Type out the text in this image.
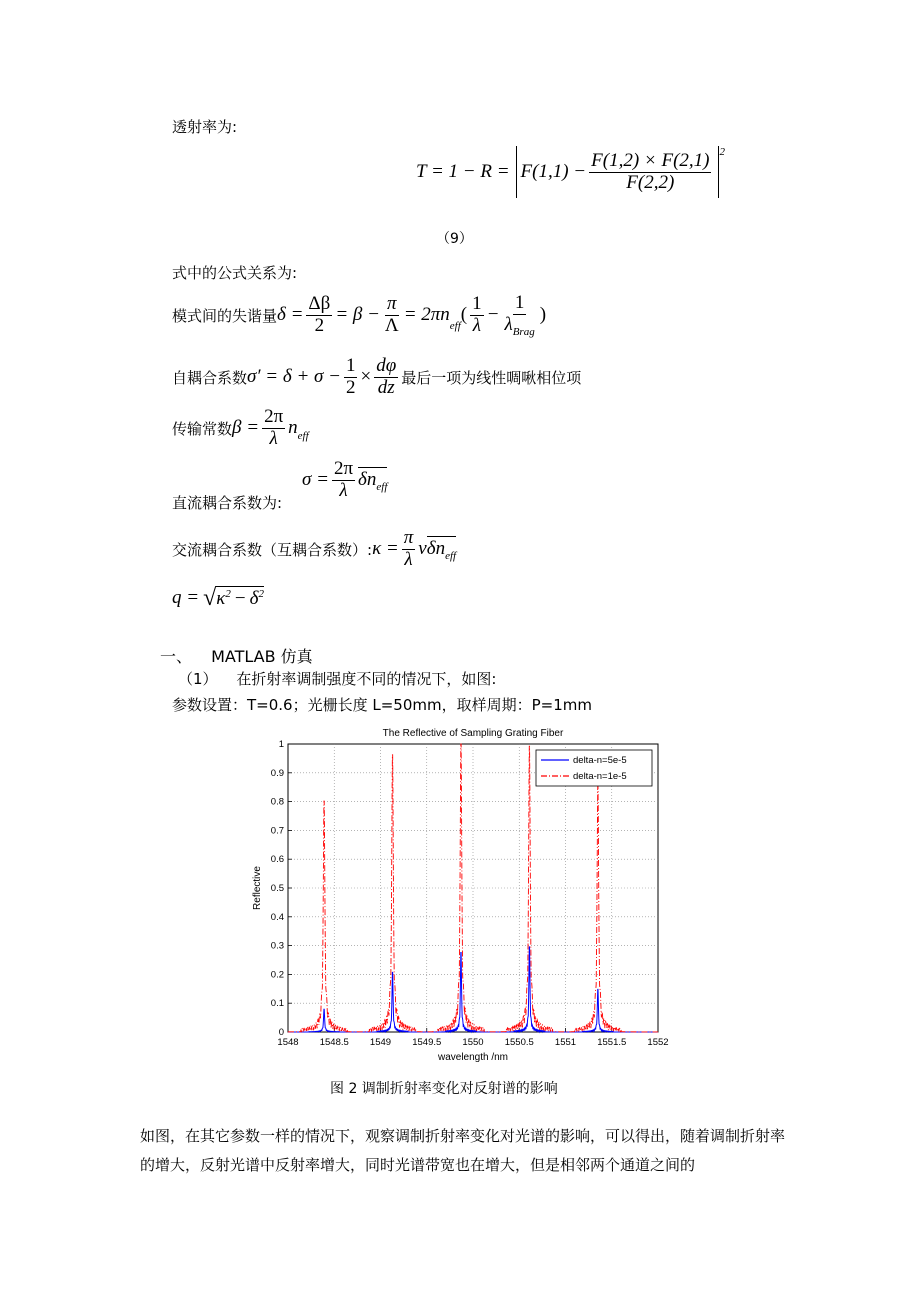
透射率为:
$T = 1 - R = F(1,1) - \frac{F(1,2) \times F(2,1)}{F(2,2)} ^2$
（9）
式中的公式关系为:
模式间的失谐量 $\delta = \frac{\Delta\beta}{2} = \beta - \frac{\pi}{\Lambda} = 2\pi n$
$_{eff}$
( $\frac{1}{\lambda} - \frac{1}{\lambda_{Brag}}$ )
自耦合系数 $\sigma' = \delta + \sigma - \frac{1}{2} \times \frac{d\varphi}{dz}$ 最后一项为线性啁啾相位项
传输常数 $\beta = \frac{2\pi}{\lambda} n_{eff}$
$\sigma = \frac{2\pi}{\lambda} \delta n_{eff}$
直流耦合系数为:
交流耦合系数（互耦合系数）: $\kappa = \frac{\pi}{\lambda}$ v $\delta n_{eff}$
q = √ $\kappa^2 - \delta^2$
一、 MATLAB 仿真
（1） 在折射率调制强度不同的情况下，如图:
参数设置：T=0.6；光栅长度 L=50mm，取样周期：P=1mm
1548 1548.5 1549 1549.5 1550 1550.5 1551 1551.5 1552
0
0.1
0.2
0.3
0.4
0.5
0.6
0.7
0.8
0.9
1
The Reflective of Sampling Grating Fiber
wavelength /nm
Reflective
delta-n=5e-5
delta-n=1e-5
图 2 调制折射率变化对反射谱的影响
如图，在其它参数一样的情况下，观察调制折射率变化对光谱的影响，可以得出，随着调制折射率的增大，反射光谱中反射率增大，同时光谱带宽也在增大，但是相邻两个通道之间的
